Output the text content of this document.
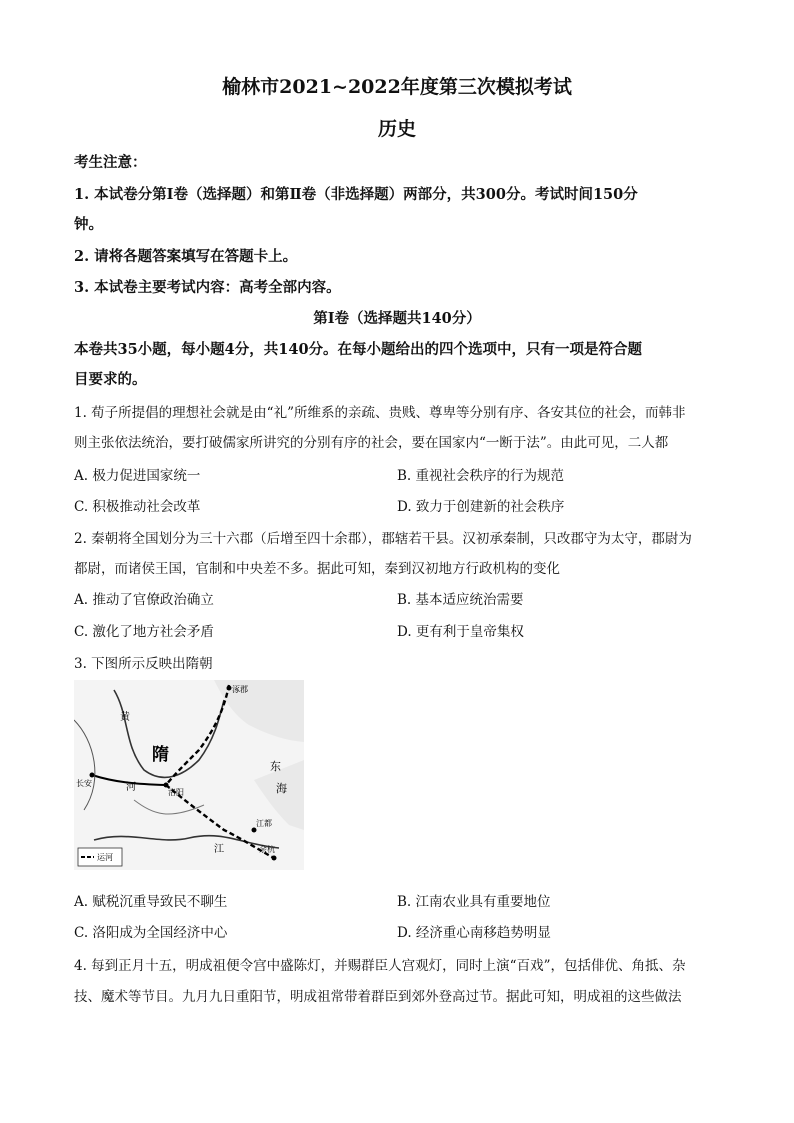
榆林市2021~2022年度第三次模拟考试
历史
考生注意：
1. 本试卷分第Ⅰ卷（选择题）和第Ⅱ卷（非选择题）两部分，共300分。考试时间150分
钟。
2. 请将各题答案填写在答题卡上。
3. 本试卷主要考试内容：高考全部内容。
第Ⅰ卷（选择题共140分）
本卷共35小题，每小题4分，共140分。在每小题给出的四个选项中，只有一项是符合题
目要求的。
1. 荀子所提倡的理想社会就是由“礼”所维系的亲疏、贵贱、尊卑等分别有序、各安其位的社会，而韩非
则主张依法统治，要打破儒家所讲究的分别有序的社会，要在国家内“一断于法”。由此可见，二人都
A. 极力促进国家统一	B. 重视社会秩序的行为规范
C. 积极推动社会改革	D. 致力于创建新的社会秩序
2. 秦朝将全国划分为三十六郡（后增至四十余郡），郡辖若干县。汉初承秦制，只改郡守为太守，郡尉为
都尉，而诸侯王国，官制和中央差不多。据此可知，秦到汉初地方行政机构的变化
A. 推动了官僚政治确立	B. 基本适应统治需要
C. 激化了地方社会矛盾	D. 更有利于皇帝集权
3. 下图所示反映出隋朝
隋
东
海
黄
河
江
涿郡
洛阳
长安
余杭
江都
运河
A. 赋税沉重导致民不聊生	B. 江南农业具有重要地位
C. 洛阳成为全国经济中心	D. 经济重心南移趋势明显
4. 每到正月十五，明成祖便令宫中盛陈灯，并赐群臣人宫观灯，同时上演“百戏”，包括俳优、角抵、杂
技、魔术等节目。九月九日重阳节，明成祖常带着群臣到郊外登高过节。据此可知，明成祖的这些做法
